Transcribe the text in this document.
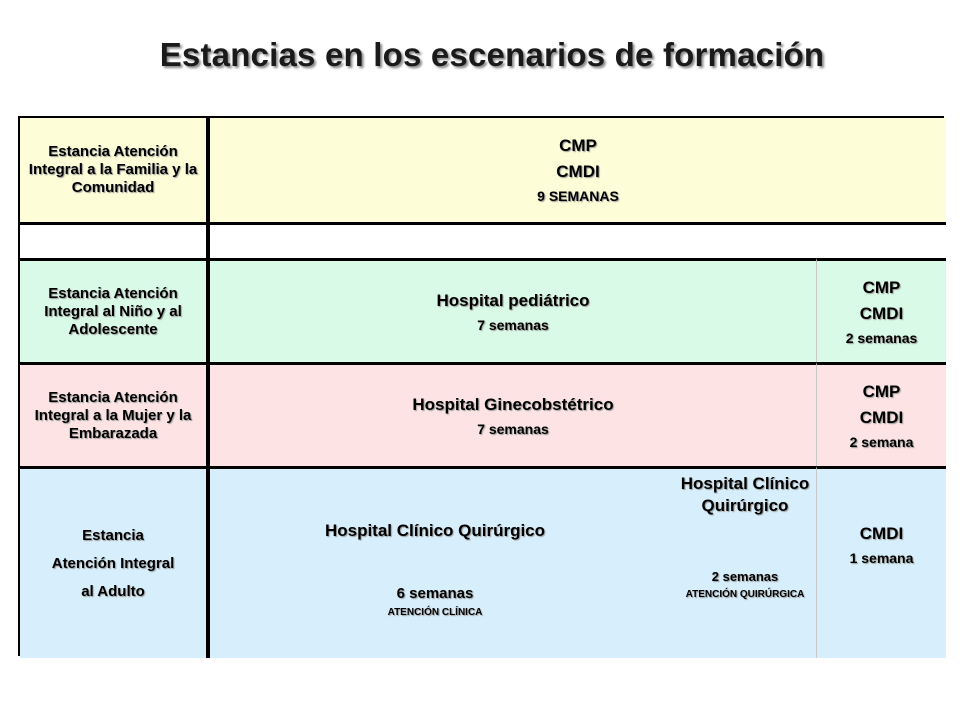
Estancias en los escenarios de formación
Estancia Atención Integral a la Familia y la Comunidad
CMP
CMDI
9 SEMANAS
Estancia Atención Integral al Niño y al Adolescente
Hospital pediátrico
7 semanas
CMP
CMDI
2 semanas
Estancia Atención Integral a la Mujer y la Embarazada
Hospital Ginecobstétrico
7 semanas
CMP
CMDI
2 semana
Estancia
Atención Integral
al Adulto
Hospital Clínico Quirúrgico
6 semanas
ATENCIÓN CLÍNICA
Hospital Clínico Quirúrgico
2 semanas
ATENCIÓN QUIRÚRGICA
CMDI
1 semana
